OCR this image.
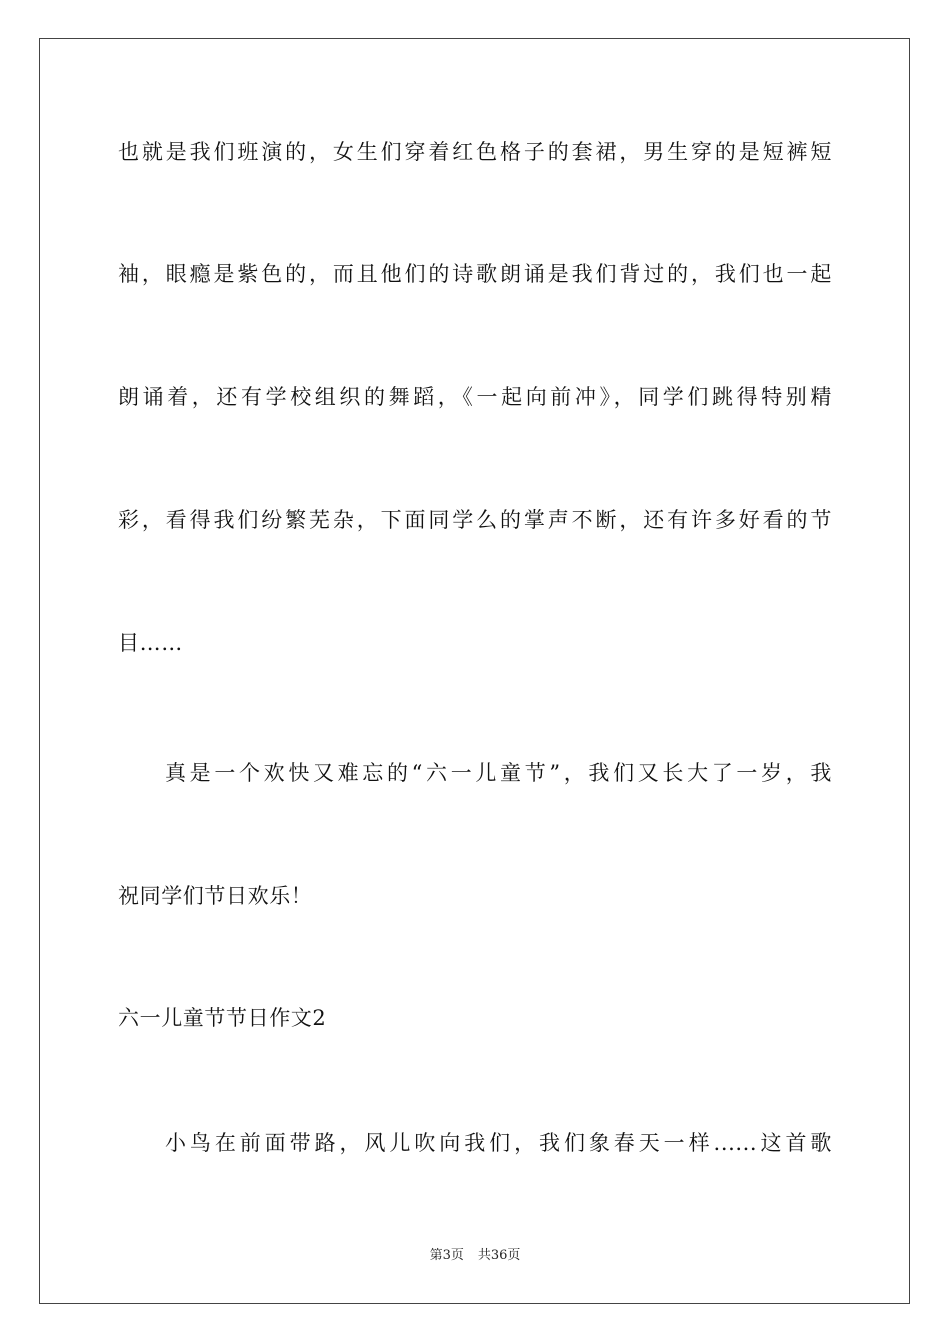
也就是我们班演的，女生们穿着红色格子的套裙，男生穿的是短裤短
袖，眼瘾是紫色的，而且他们的诗歌朗诵是我们背过的，我们也一起
朗诵着，还有学校组织的舞蹈，《一起向前冲》，同学们跳得特别精
彩，看得我们纷繁芜杂，下面同学么的掌声不断，还有许多好看的节
目……
真是一个欢快又难忘的“六一儿童节”，我们又长大了一岁，我
祝同学们节日欢乐！
六一儿童节节日作文2
小鸟在前面带路，风儿吹向我们，我们象春天一样......这首歌
第3页 共36页
